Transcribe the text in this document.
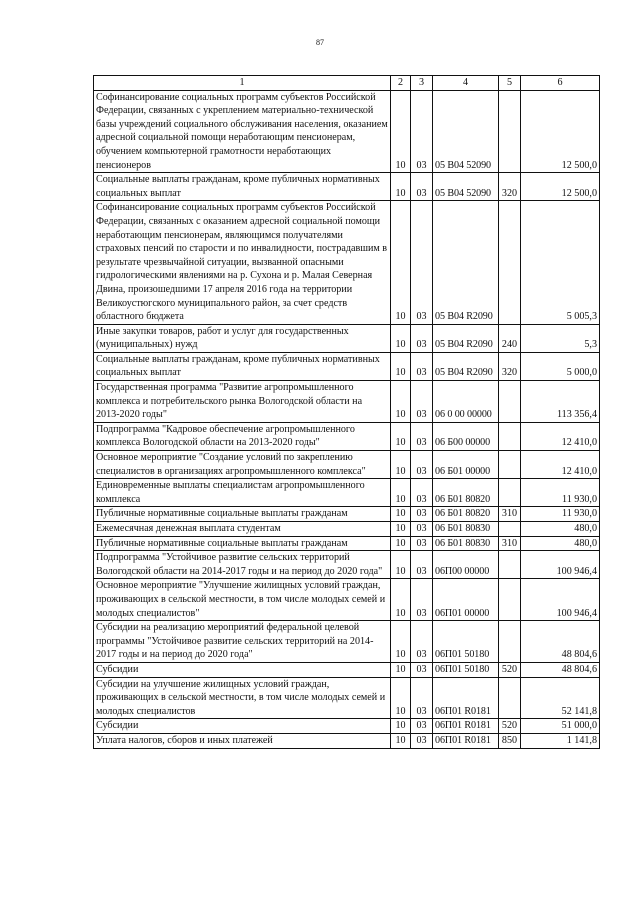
87
1	2	3	4	5	6
Софинансирование социальных программ субъектов Российской Федерации, связанных с укреплением материально-технической базы учреждений социального обслуживания населения, оказанием адресной социальной помощи неработающим пенсионерам, обучением компьютерной грамотности неработающих пенсионеров	10	03	05 В04 52090		12 500,0
Социальные выплаты гражданам, кроме публичных нормативных социальных выплат	10	03	05 В04 52090	320	12 500,0
Софинансирование социальных программ субъектов Российской Федерации, связанных с оказанием адресной социальной помощи неработающим пенсионерам, являющимся получателями страховых пенсий по старости и по инвалидности, пострадавшим в результате чрезвычайной ситуации, вызванной опасными гидрологическими явлениями на р. Сухона и р. Малая Северная Двина, произошедшими 17 апреля 2016 года на территории Великоустюгского муниципального район, за счет средств областного бюджета	10	03	05 В04 R2090		5 005,3
Иные закупки товаров, работ и услуг для государственных (муниципальных) нужд	10	03	05 В04 R2090	240	5,3
Социальные выплаты гражданам, кроме публичных нормативных социальных выплат	10	03	05 В04 R2090	320	5 000,0
Государственная программа "Развитие агропромышленного комплекса и потребительского рынка Вологодской области на 2013-2020 годы"	10	03	06 0 00 00000		113 356,4
Подпрограмма "Кадровое обеспечение агропромышленного комплекса Вологодской области на 2013-2020 годы"	10	03	06 Б00 00000		12 410,0
Основное мероприятие "Создание условий по закреплению специалистов в организациях агропромышленного комплекса"	10	03	06 Б01 00000		12 410,0
Единовременные выплаты специалистам агропромышленного комплекса	10	03	06 Б01 80820		11 930,0
Публичные нормативные социальные выплаты гражданам	10	03	06 Б01 80820	310	11 930,0
Ежемесячная денежная выплата студентам	10	03	06 Б01 80830		480,0
Публичные нормативные социальные выплаты гражданам	10	03	06 Б01 80830	310	480,0
Подпрограмма "Устойчивое развитие сельских территорий Вологодской области на 2014-2017 годы и на период до 2020 года"	10	03	06П00 00000		100 946,4
Основное мероприятие "Улучшение жилищных условий граждан, проживающих в сельской местности, в том числе молодых семей и молодых специалистов"	10	03	06П01 00000		100 946,4
Субсидии на реализацию мероприятий федеральной целевой программы "Устойчивое развитие сельских территорий на 2014-2017 годы и на период до 2020 года"	10	03	06П01 50180		48 804,6
Субсидии	10	03	06П01 50180	520	48 804,6
Субсидии на улучшение жилищных условий граждан, проживающих в сельской местности, в том числе молодых семей и молодых специалистов	10	03	06П01 R0181		52 141,8
Субсидии	10	03	06П01 R0181	520	51 000,0
Уплата налогов, сборов и иных платежей	10	03	06П01 R0181	850	1 141,8
